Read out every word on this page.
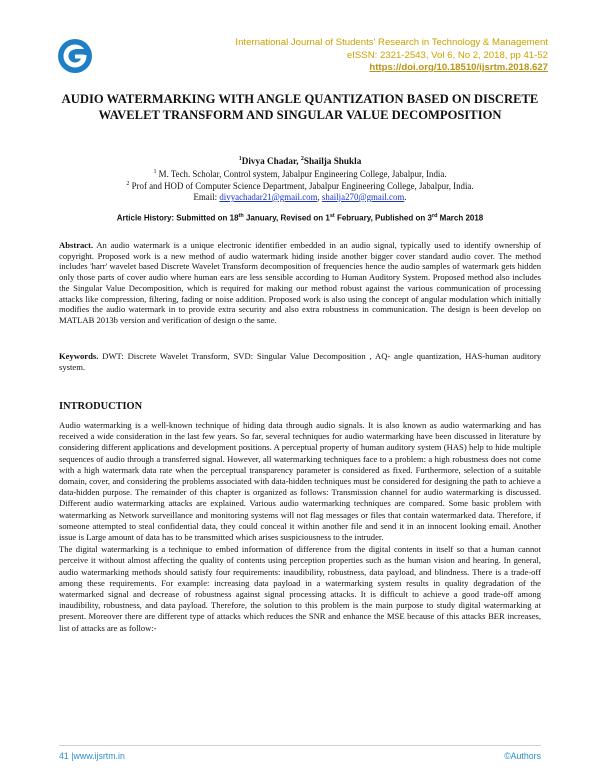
International Journal of Students' Research in Technology & Management
eISSN: 2321-2543, Vol 6, No 2, 2018, pp 41-52
https://doi.org/10.18510/ijsrtm.2018.627
AUDIO WATERMARKING WITH ANGLE QUANTIZATION BASED ON DISCRETE WAVELET TRANSFORM AND SINGULAR VALUE DECOMPOSITION
$^1$Divya Chadar, $^2$Shailja Shukla
$^1$ M. Tech. Scholar, Control system, Jabalpur Engineering College, Jabalpur, India.
$^2$ Prof and HOD of Computer Science Department, Jabalpur Engineering College, Jabalpur, India.
Email: divyachadar21@gmail.com, shailja270@gmail.com.
Article History: Submitted on 18th January, Revised on 1st February, Published on 3rd March 2018
Abstract. An audio watermark is a unique electronic identifier embedded in an audio signal, typically used to identify ownership of copyright. Proposed work is a new method of audio watermark hiding inside another bigger cover standard audio cover. The method includes 'harr' wavelet based Discrete Wavelet Transform decomposition of frequencies hence the audio samples of watermark gets hidden only those parts of cover audio where human ears are less sensible according to Human Auditory System. Proposed method also includes the Singular Value Decomposition, which is required for making our method robust against the various communication of processing attacks like compression, filtering, fading or noise addition. Proposed work is also using the concept of angular modulation which initially modifies the audio watermark in to provide extra security and also extra robustness in communication. The design is been develop on MATLAB 2013b version and verification of design o the same.
Keywords. DWT: Discrete Wavelet Transform, SVD: Singular Value Decomposition , AQ- angle quantization, HAS-human auditory system.
INTRODUCTION

Audio watermarking is a well-known technique of hiding data through audio signals. It is also known as audio watermarking and has received a wide consideration in the last few years. So far, several techniques for audio watermarking have been discussed in literature by considering different applications and development positions. A perceptual property of human auditory system (HAS) help to hide multiple sequences of audio through a transferred signal. However, all watermarking techniques face to a problem: a high robustness does not come with a high watermark data rate when the perceptual transparency parameter is considered as fixed. Furthermore, selection of a suitable domain, cover, and considering the problems associated with data-hidden techniques must be considered for designing the path to achieve a data-hidden purpose. The remainder of this chapter is organized as follows: Transmission channel for audio watermarking is discussed. Different audio watermarking attacks are explained. Various audio watermarking techniques are compared. Some basic problem with watermarking as Network surveillance and monitoring systems will not flag messages or files that contain watermarked data. Therefore, if someone attempted to steal confidential data, they could conceal it within another file and send it in an innocent looking email. Another issue is Large amount of data has to be transmitted which arises suspiciousness to the intruder.

The digital watermarking is a technique to embed information of difference from the digital contents in itself so that a human cannot perceive it without almost affecting the quality of contents using perception properties such as the human vision and hearing. In general, audio watermarking methods should satisfy four requirements: inaudibility, robustness, data payload, and blindness. There is a trade-off among these requirements. For example: increasing data payload in a watermarking system results in quality degradation of the watermarked signal and decrease of robustness against signal processing attacks. It is difficult to achieve a good trade-off among inaudibility, robustness, and data payload. Therefore, the solution to this problem is the main purpose to study digital watermarking at present. Moreover there are different type of attacks which reduces the SNR and enhance the MSE because of this attacks BER increases, list of attacks are as follow:-

41 |www.ijsrtm.in	©Authors
